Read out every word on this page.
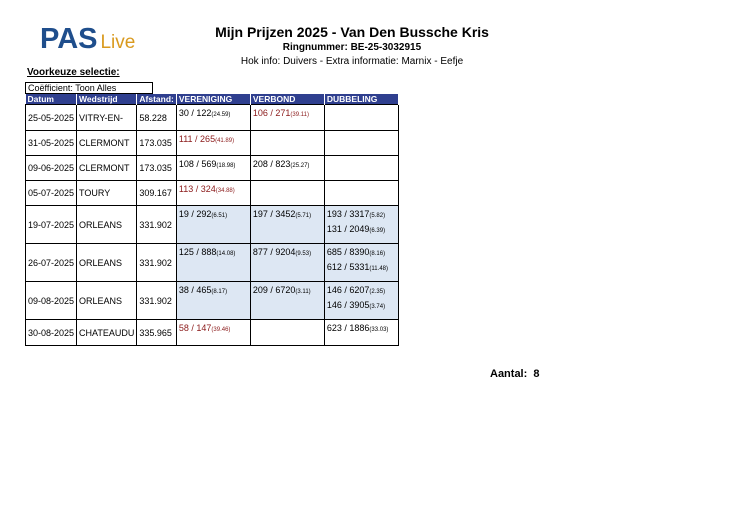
PAS Live	Mijn Prijzen 2025 - Van Den Bussche Kris
Ringnummer: BE-25-3032915
Hok info: Duivers - Extra informatie: Marnix - Eefje
Voorkeuze selectie:
Coëfficient: Toon Alles
Datum	Wedstrijd	Afstand:	VERENIGING	VERBOND	DUBBELING
25-05-2025	VITRY-EN-	58.228	30 / 122(24.59)	106 / 271(39.11)	

31-05-2025	CLERMONT	173.035	111 / 265(41.89)		

09-06-2025	CLERMONT	173.035	108 / 569(18.98)	208 / 823(25.27)	

05-07-2025	TOURY	309.167	113 / 324(34.88)		

19-07-2025	ORLEANS	331.902	19 / 292(6.51)	197 / 3452(5.71)	193 / 3317(5.82)
131 / 2049(6.39)

26-07-2025	ORLEANS	331.902	125 / 888(14.08)	877 / 9204(9.53)	685 / 8390(8.16)
612 / 5331(11.48)

09-08-2025	ORLEANS	331.902	38 / 465(8.17)	209 / 6720(3.11)	146 / 6207(2.35)
146 / 3905(3.74)

30-08-2025	CHATEAUDU	335.965	58 / 147(39.46)		623 / 1886(33.03)
Aantal: 8
